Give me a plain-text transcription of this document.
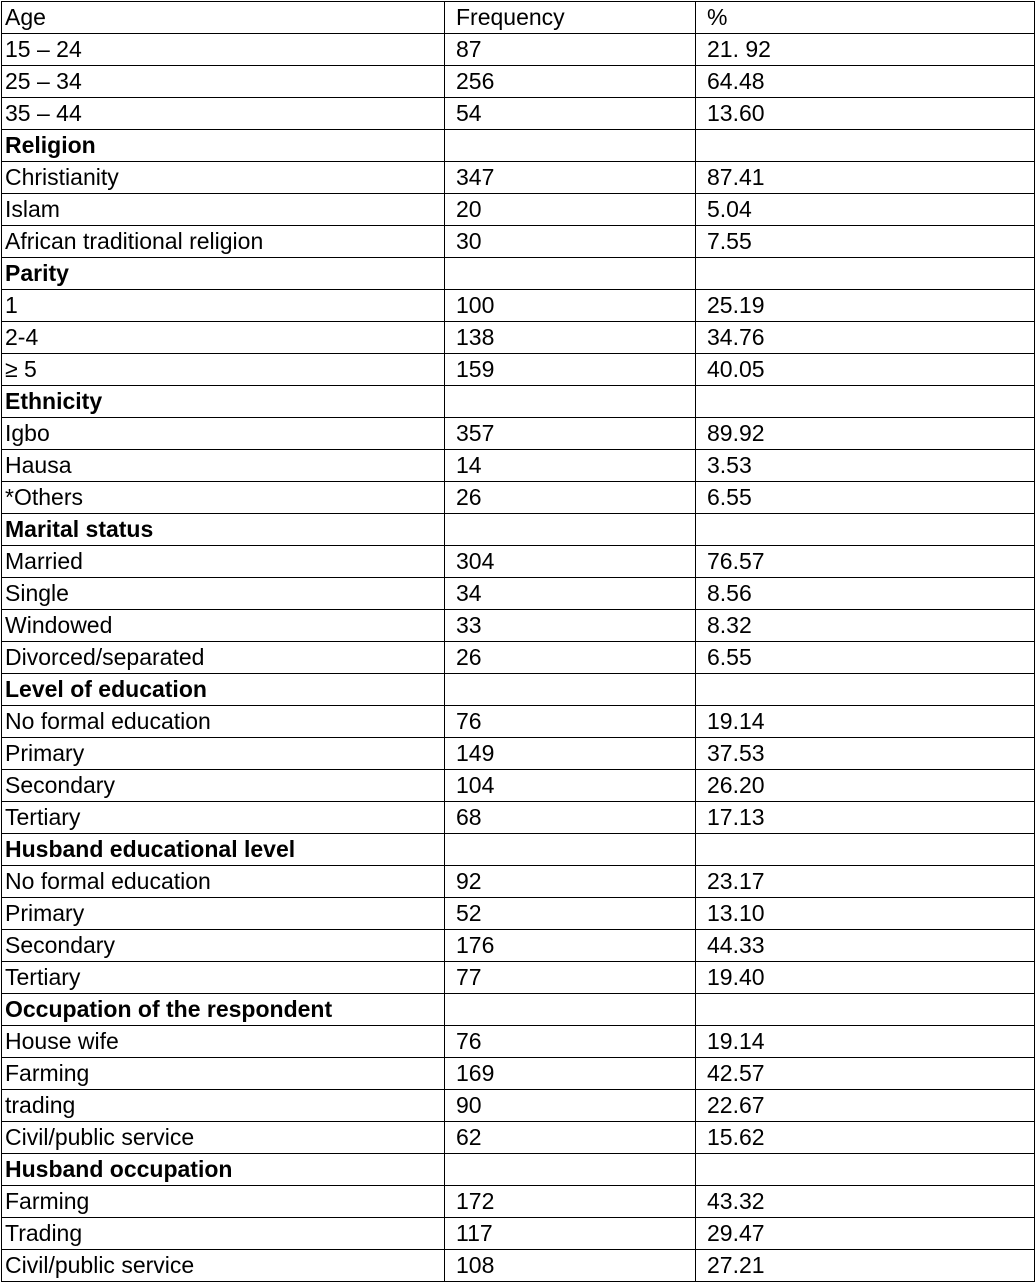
Age	Frequency	%
15 – 24	87	21. 92
25 – 34	256	64.48
35 – 44	54	13.60
Religion		
Christianity	347	87.41
Islam	20	5.04
African traditional religion	30	7.55
Parity		
1	100	25.19
2-4	138	34.76
≥ 5	159	40.05
Ethnicity		
Igbo	357	89.92
Hausa	14	3.53
*Others	26	6.55
Marital status		
Married	304	76.57
Single	34	8.56
Windowed	33	8.32
Divorced/separated	26	6.55
Level of education		
No formal education	76	19.14
Primary	149	37.53
Secondary	104	26.20
Tertiary	68	17.13
Husband educational level		
No formal education	92	23.17
Primary	52	13.10
Secondary	176	44.33
Tertiary	77	19.40
Occupation of the respondent		
House wife	76	19.14
Farming	169	42.57
trading	90	22.67
Civil/public service	62	15.62
Husband occupation		
Farming	172	43.32
Trading	117	29.47
Civil/public service	108	27.21
